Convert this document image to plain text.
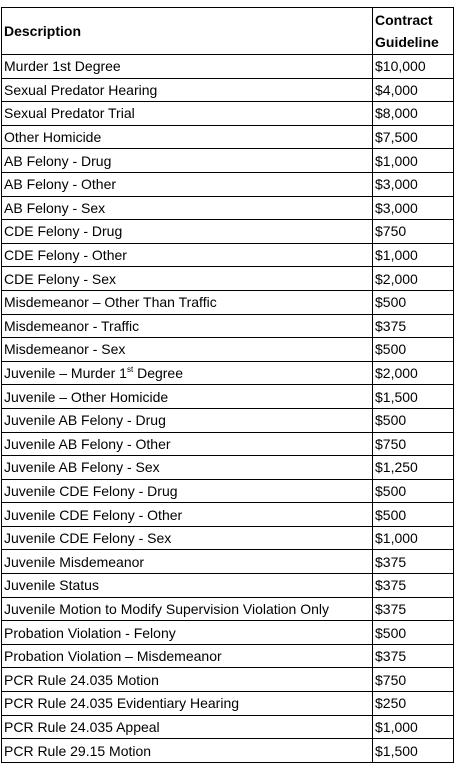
Description	Contract
Guideline
Murder 1st Degree	$10,000
Sexual Predator Hearing	$4,000
Sexual Predator Trial	$8,000
Other Homicide	$7,500
AB Felony - Drug	$1,000
AB Felony - Other	$3,000
AB Felony - Sex	$3,000
CDE Felony - Drug	$750
CDE Felony - Other	$1,000
CDE Felony - Sex	$2,000
Misdemeanor – Other Than Traffic	$500
Misdemeanor - Traffic	$375
Misdemeanor - Sex	$500
Juvenile – Murder 1st Degree	$2,000
Juvenile – Other Homicide	$1,500
Juvenile AB Felony - Drug	$500
Juvenile AB Felony - Other	$750
Juvenile AB Felony - Sex	$1,250
Juvenile CDE Felony - Drug	$500
Juvenile CDE Felony - Other	$500
Juvenile CDE Felony - Sex	$1,000
Juvenile Misdemeanor	$375
Juvenile Status	$375
Juvenile Motion to Modify Supervision Violation Only	$375
Probation Violation - Felony	$500
Probation Violation – Misdemeanor	$375
PCR Rule 24.035 Motion	$750
PCR Rule 24.035 Evidentiary Hearing	$250
PCR Rule 24.035 Appeal	$1,000
PCR Rule 29.15 Motion	$1,500
